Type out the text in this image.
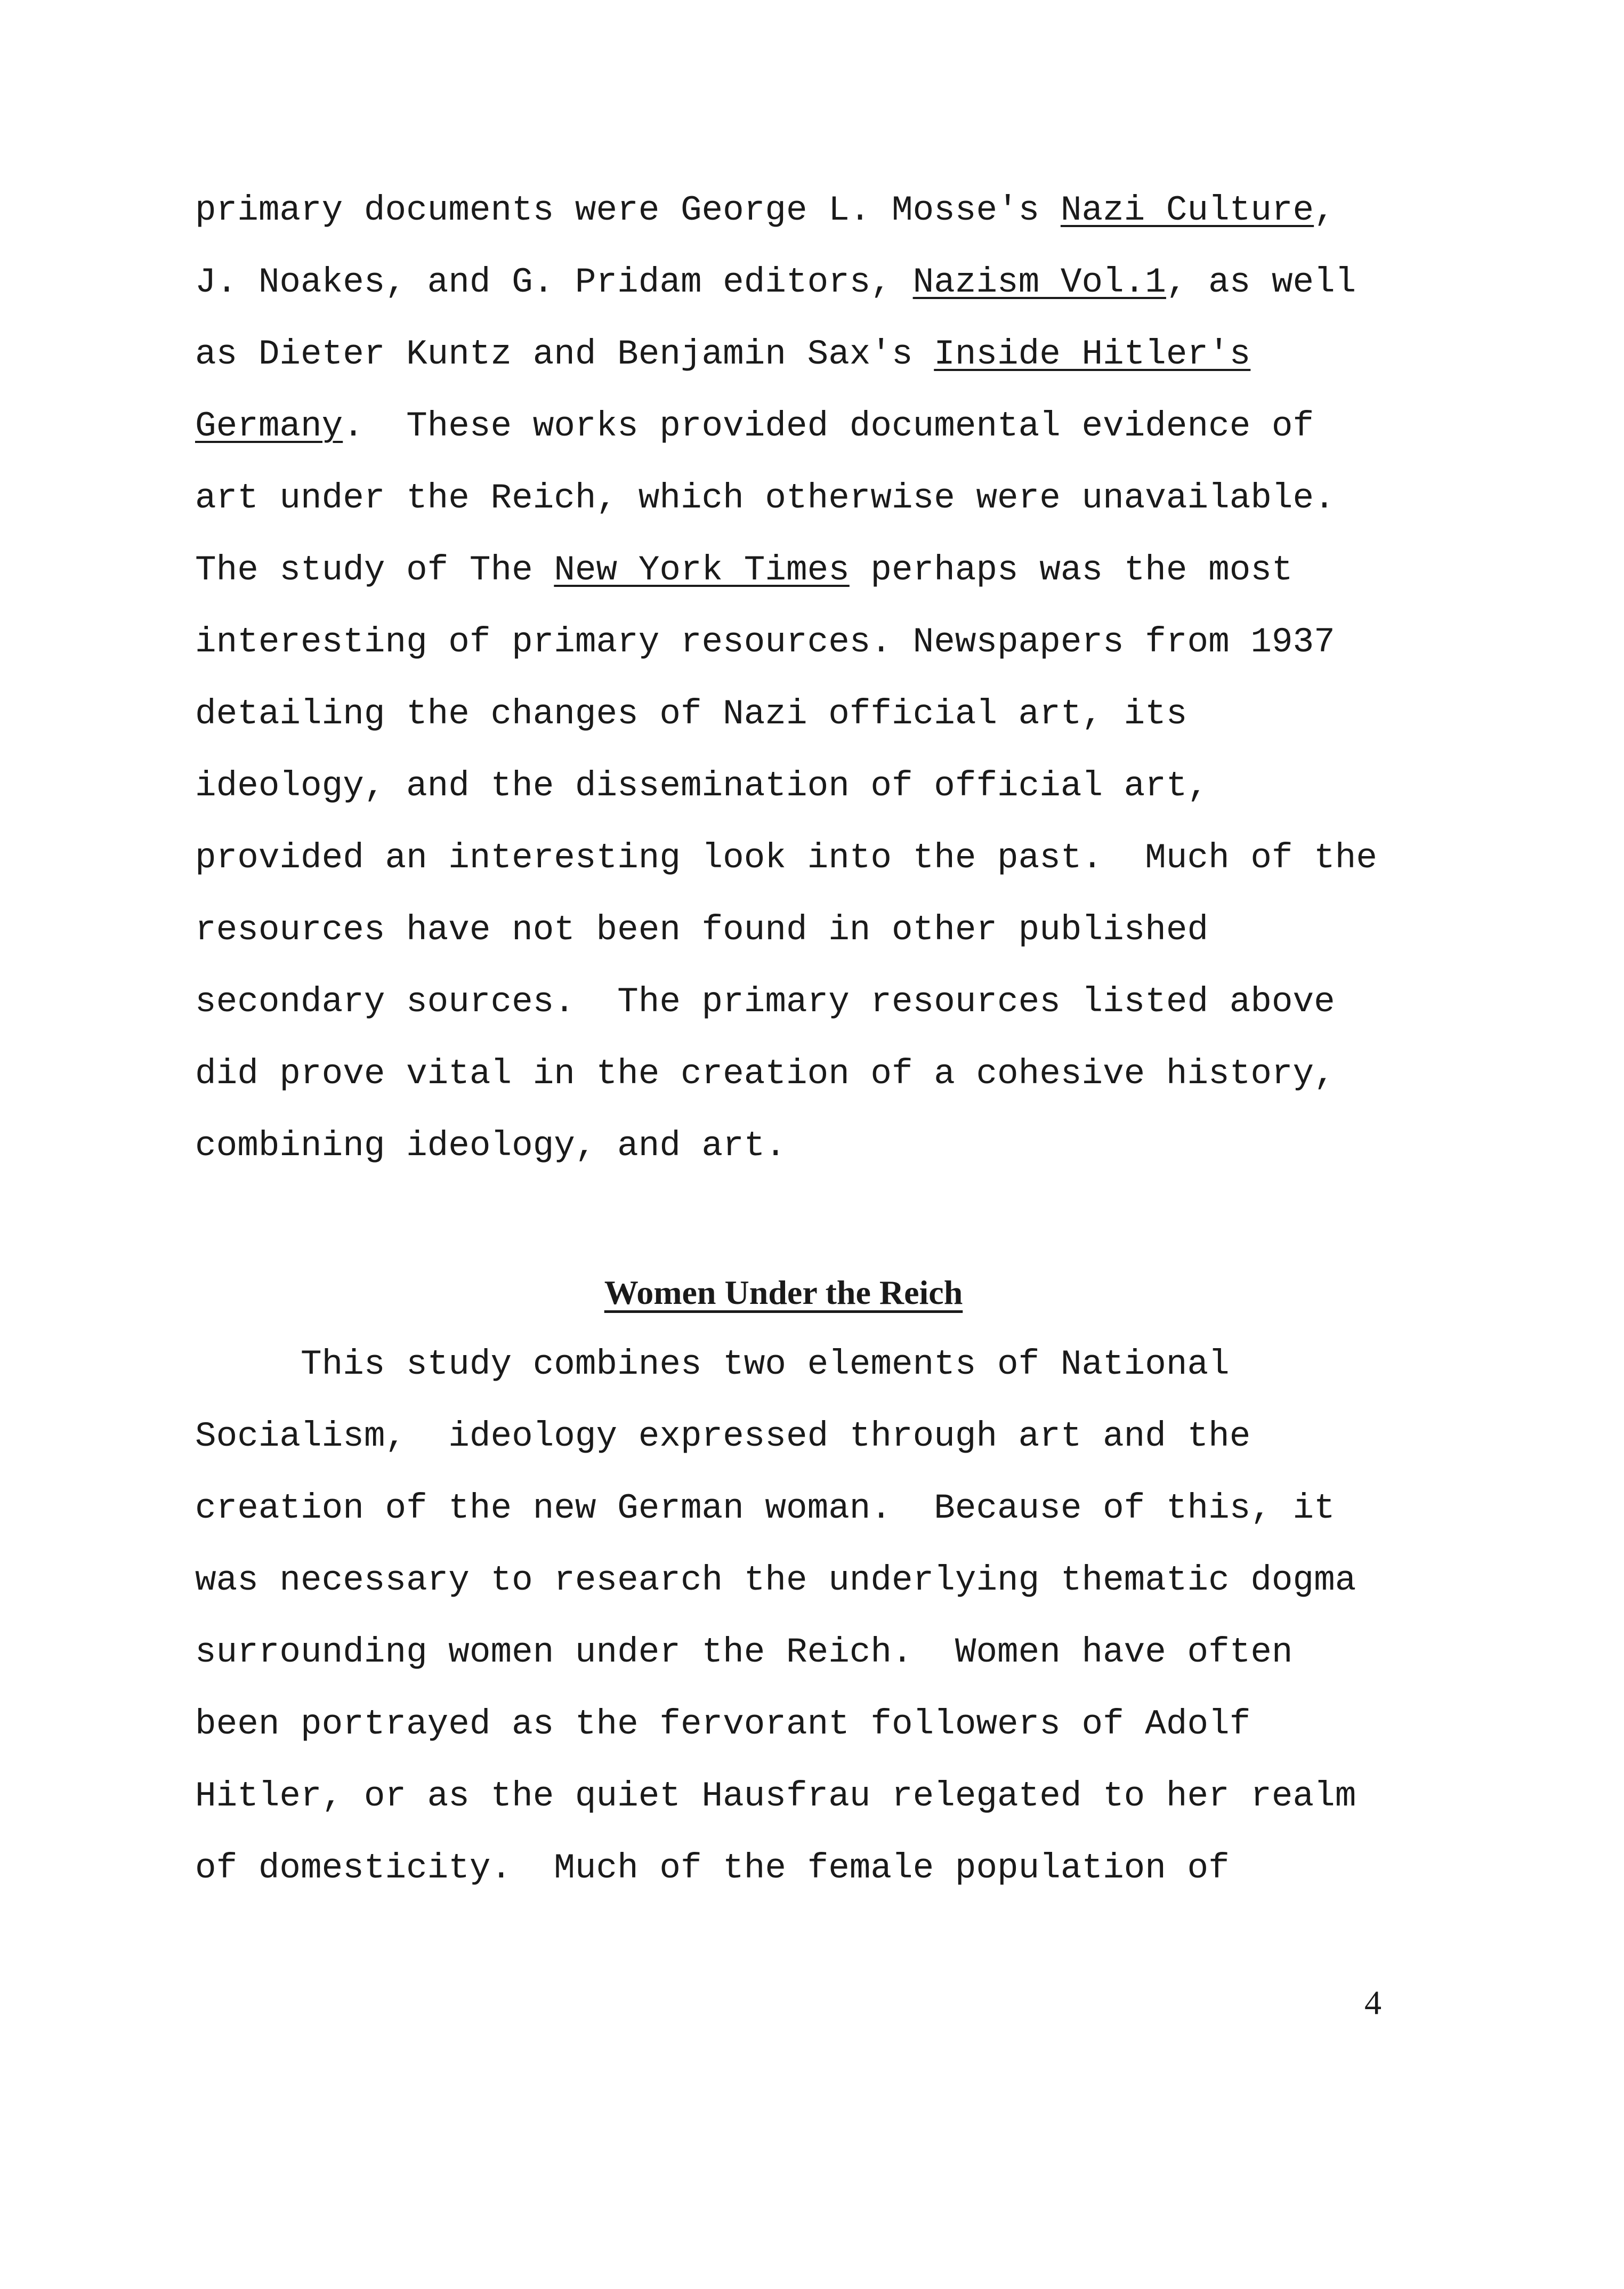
primary documents were George L. Mosse's Nazi Culture,
J. Noakes, and G. Pridam editors, Nazism Vol.1, as well
as Dieter Kuntz and Benjamin Sax's Inside Hitler's
Germany.  These works provided documental evidence of
art under the Reich, which otherwise were unavailable.
The study of The New York Times perhaps was the most
interesting of primary resources. Newspapers from 1937
detailing the changes of Nazi official art, its
ideology, and the dissemination of official art,
provided an interesting look into the past.  Much of the
resources have not been found in other published
secondary sources.  The primary resources listed above
did prove vital in the creation of a cohesive history,
combining ideology, and art.
Women Under the Reich
This study combines two elements of National
Socialism,  ideology expressed through art and the
creation of the new German woman.  Because of this, it
was necessary to research the underlying thematic dogma
surrounding women under the Reich.  Women have often
been portrayed as the fervorant followers of Adolf
Hitler, or as the quiet Hausfrau relegated to her realm
of domesticity.  Much of the female population of
4
